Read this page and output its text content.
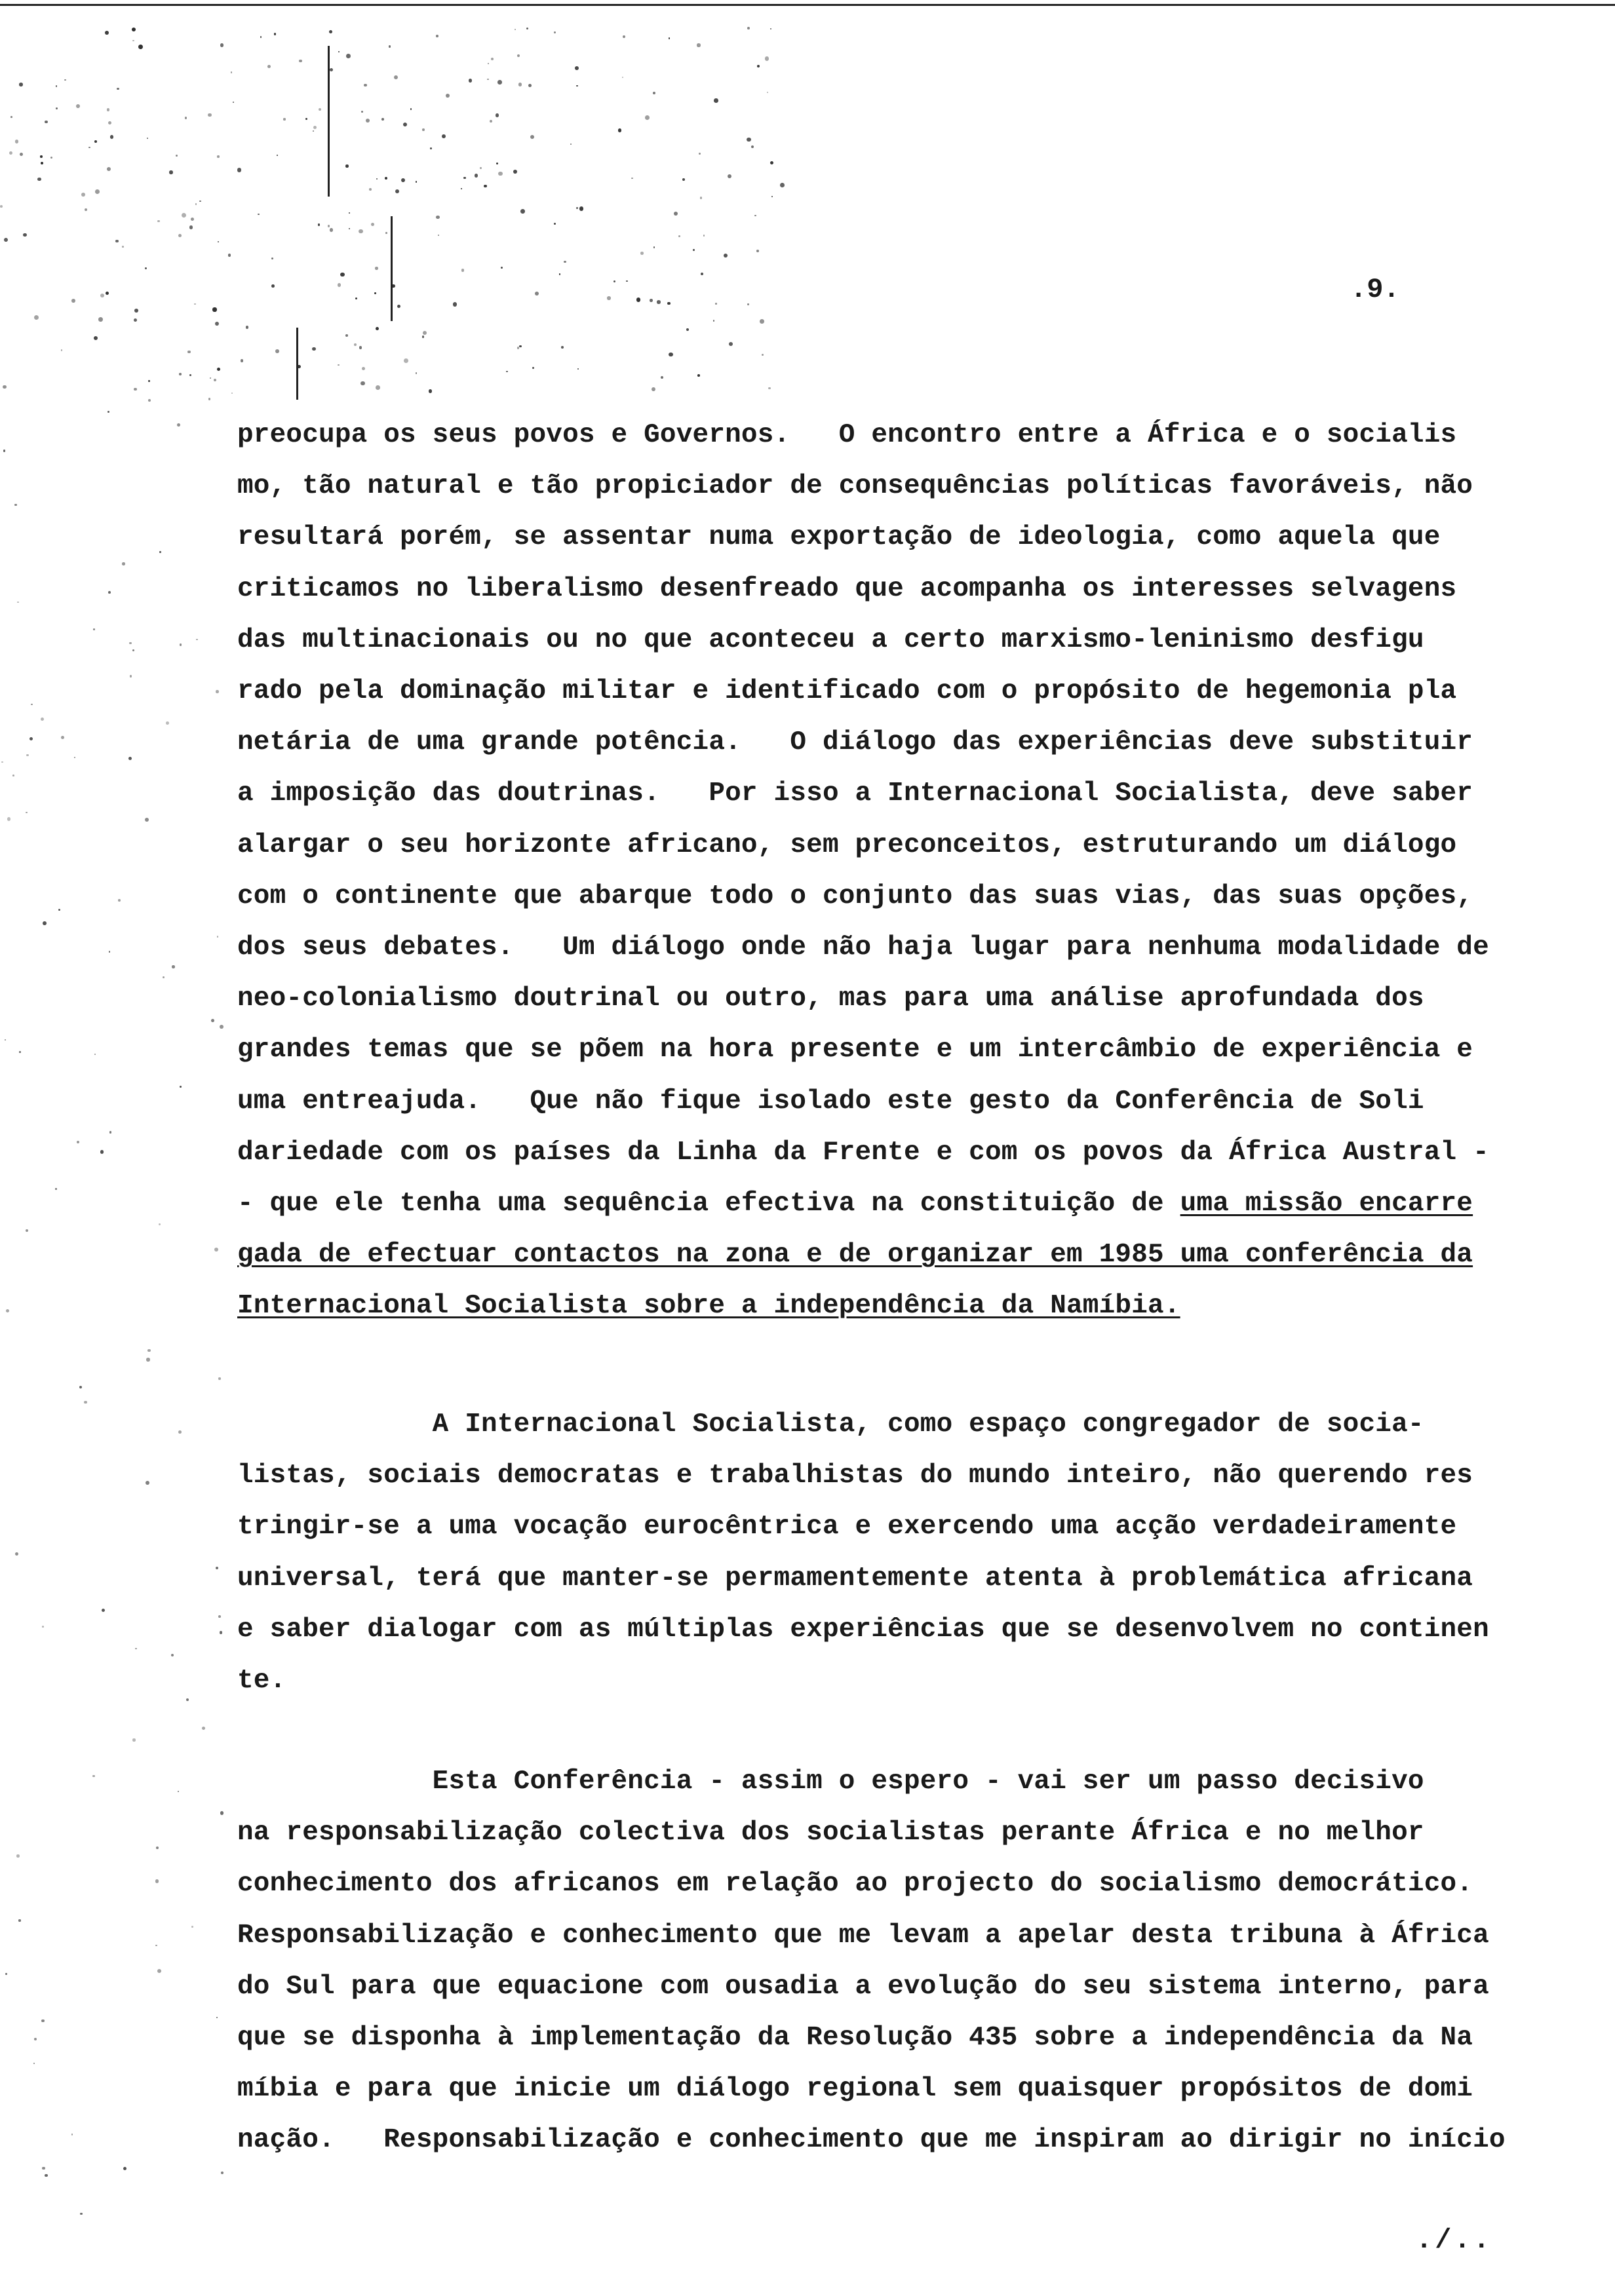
.9.
preocupa os seus povos e Governos.   O encontro entre a África e o socialis
mo, tão natural e tão propiciador de consequências políticas favoráveis, não
resultará porém, se assentar numa exportação de ideologia, como aquela que
criticamos no liberalismo desenfreado que acompanha os interesses selvagens
das multinacionais ou no que aconteceu a certo marxismo-leninismo desfigu
rado pela dominação militar e identificado com o propósito de hegemonia pla
netária de uma grande potência.   O diálogo das experiências deve substituir
a imposição das doutrinas.   Por isso a Internacional Socialista, deve saber
alargar o seu horizonte africano, sem preconceitos, estruturando um diálogo
com o continente que abarque todo o conjunto das suas vias, das suas opções,
dos seus debates.   Um diálogo onde não haja lugar para nenhuma modalidade de
neo-colonialismo doutrinal ou outro, mas para uma análise aprofundada dos
grandes temas que se põem na hora presente e um intercâmbio de experiência e
uma entreajuda.   Que não fique isolado este gesto da Conferência de Soli
dariedade com os países da Linha da Frente e com os povos da África Austral -
- que ele tenha uma sequência efectiva na constituição de uma missão encarre
gada de efectuar contactos na zona e de organizar em 1985 uma conferência da
Internacional Socialista sobre a independência da Namíbia.
A Internacional Socialista, como espaço congregador de socia-
listas, sociais democratas e trabalhistas do mundo inteiro, não querendo res
tringir-se a uma vocação eurocêntrica e exercendo uma acção verdadeiramente
universal, terá que manter-se permamentemente atenta à problemática africana
e saber dialogar com as múltiplas experiências que se desenvolvem no continen
te.
Esta Conferência - assim o espero - vai ser um passo decisivo
na responsabilização colectiva dos socialistas perante África e no melhor
conhecimento dos africanos em relação ao projecto do socialismo democrático.
Responsabilização e conhecimento que me levam a apelar desta tribuna à África
do Sul para que equacione com ousadia a evolução do seu sistema interno, para
que se disponha à implementação da Resolução 435 sobre a independência da Na
míbia e para que inicie um diálogo regional sem quaisquer propósitos de domi
nação.   Responsabilização e conhecimento que me inspiram ao dirigir no início
./..
